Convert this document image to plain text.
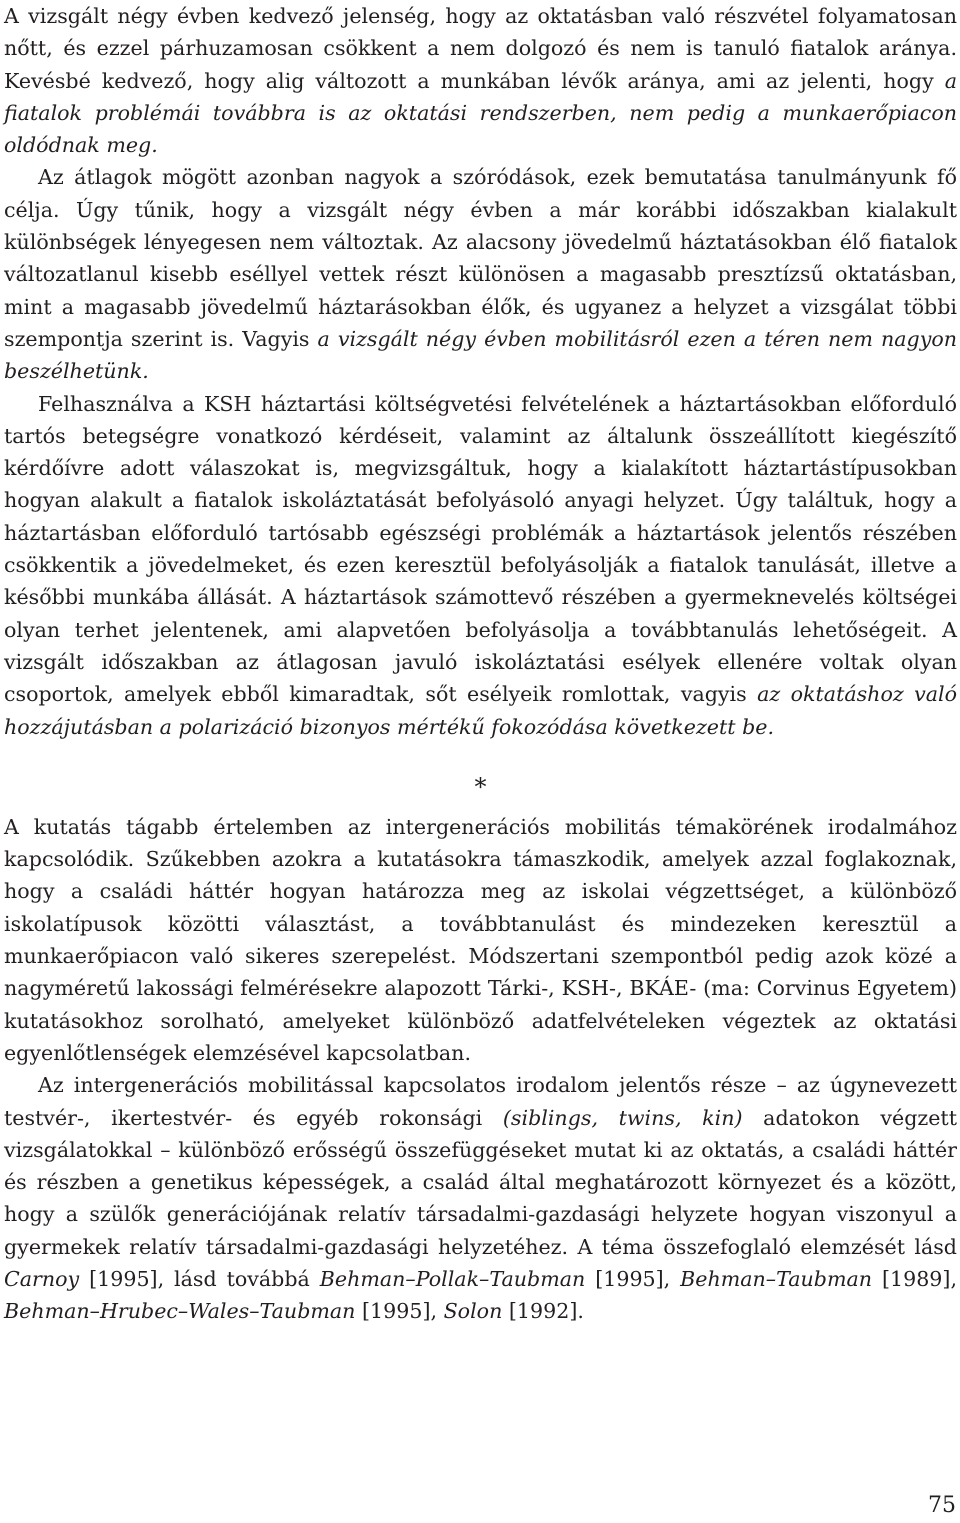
A vizsgált négy évben kedvező jelenség, hogy az oktatásban való részvétel folyamatosan nőtt, és ezzel párhuzamosan csökkent a nem dolgozó és nem is tanuló fiatalok aránya. Kevésbé kedvező, hogy alig változott a munkában lévők aránya, ami az jelenti, hogy a fiatalok problémái továbbra is az oktatási rendszerben, nem pedig a munkaerőpiacon oldódnak meg.

Az átlagok mögött azonban nagyok a szóródások, ezek bemutatása tanulmányunk fő célja. Úgy tűnik, hogy a vizsgált négy évben a már korábbi időszakban kialakult különbségek lényegesen nem változtak. Az alacsony jövedelmű háztatásokban élő fiatalok változatlanul kisebb eséllyel vettek részt különösen a magasabb presztízsű oktatásban, mint a magasabb jövedelmű háztarásokban élők, és ugyanez a helyzet a vizsgálat többi szempontja szerint is. Vagyis a vizsgált négy évben mobilitásról ezen a téren nem nagyon beszélhetünk.

Felhasználva a KSH háztartási költségvetési felvételének a háztartásokban előforduló tartós betegségre vonatkozó kérdéseit, valamint az általunk összeállított kiegészítő kérdőívre adott válaszokat is, megvizsgáltuk, hogy a kialakított háztartástípusokban hogyan alakult a fiatalok iskoláztatását befolyásoló anyagi helyzet. Úgy találtuk, hogy a háztartásban előforduló tartósabb egészségi problémák a háztartások jelentős részében csökkentik a jövedelmeket, és ezen keresztül befolyásolják a fiatalok tanulását, illetve a későbbi munkába állását. A háztartások számottevő részében a gyermeknevelés költségei olyan terhet jelentenek, ami alapvetően befolyásolja a továbbtanulás lehetőségeit. A vizsgált időszakban az átlagosan javuló iskoláztatási esélyek ellenére voltak olyan csoportok, amelyek ebből kimaradtak, sőt esélyeik romlottak, vagyis az oktatáshoz való hozzájutásban a polarizáció bizonyos mértékű fokozódása következett be.

*

A kutatás tágabb értelemben az intergenerációs mobilitás témakörének irodalmához kapcsolódik. Szűkebben azokra a kutatásokra támaszkodik, amelyek azzal foglakoznak, hogy a családi háttér hogyan határozza meg az iskolai végzettséget, a különböző iskolatípusok közötti választást, a továbbtanulást és mindezeken keresztül a munkaerőpiacon való sikeres szerepelést. Módszertani szempontból pedig azok közé a nagyméretű lakossági felmérésekre alapozott Tárki-, KSH-, BKÁE- (ma: Corvinus Egyetem) kutatásokhoz sorolható, amelyeket különböző adatfelvételeken végeztek az oktatási egyenlőtlenségek elemzésével kapcsolatban.

Az intergenerációs mobilitással kapcsolatos irodalom jelentős része – az úgynevezett testvér-, ikertestvér- és egyéb rokonsági (siblings, twins, kin) adatokon végzett vizsgálatokkal – különböző erősségű összefüggéseket mutat ki az oktatás, a családi háttér és részben a genetikus képességek, a család által meghatározott környezet és a között, hogy a szülők generációjának relatív társadalmi-gazdasági helyzete hogyan viszonyul a gyermekek relatív társadalmi-gazdasági helyzetéhez. A téma összefoglaló elemzését lásd Carnoy [1995], lásd továbbá Behman–Pollak–Taubman [1995], Behman–Taubman [1989], Behman–Hrubec–Wales–Taubman [1995], Solon [1992].

75
